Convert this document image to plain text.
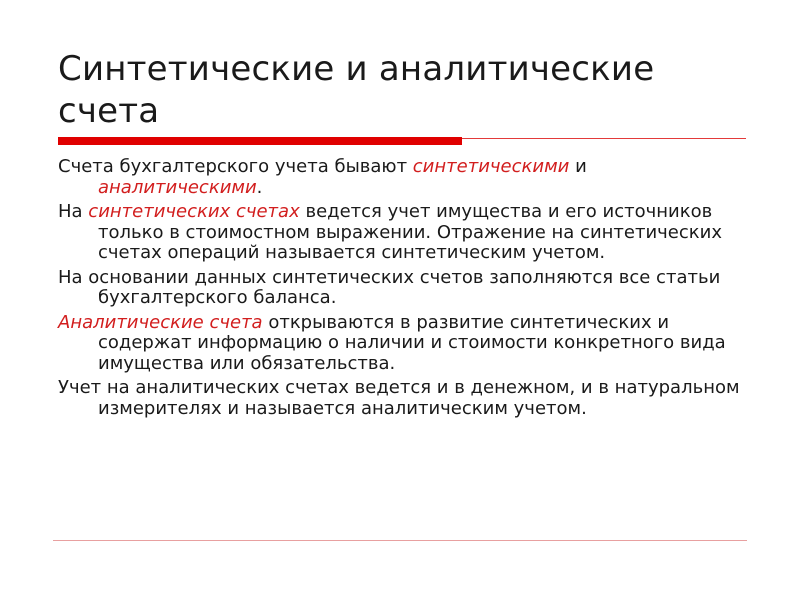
Синтетические и аналитические
счета

Счета бухгалтерского учета бывают синтетическими и аналитическими.

На синтетических счетах ведется учет имущества и его источников только в стоимостном выражении. Отражение на синтетических счетах операций называется синтетическим учетом.

На основании данных синтетических счетов заполняются все статьи бухгалтерского баланса.

Аналитические счета открываются в развитие синтетических и содержат информацию о наличии и стоимости конкретного вида имущества или обязательства.

Учет на аналитических счетах ведется и в денежном, и в натуральном измерителях и называется аналитическим учетом.
